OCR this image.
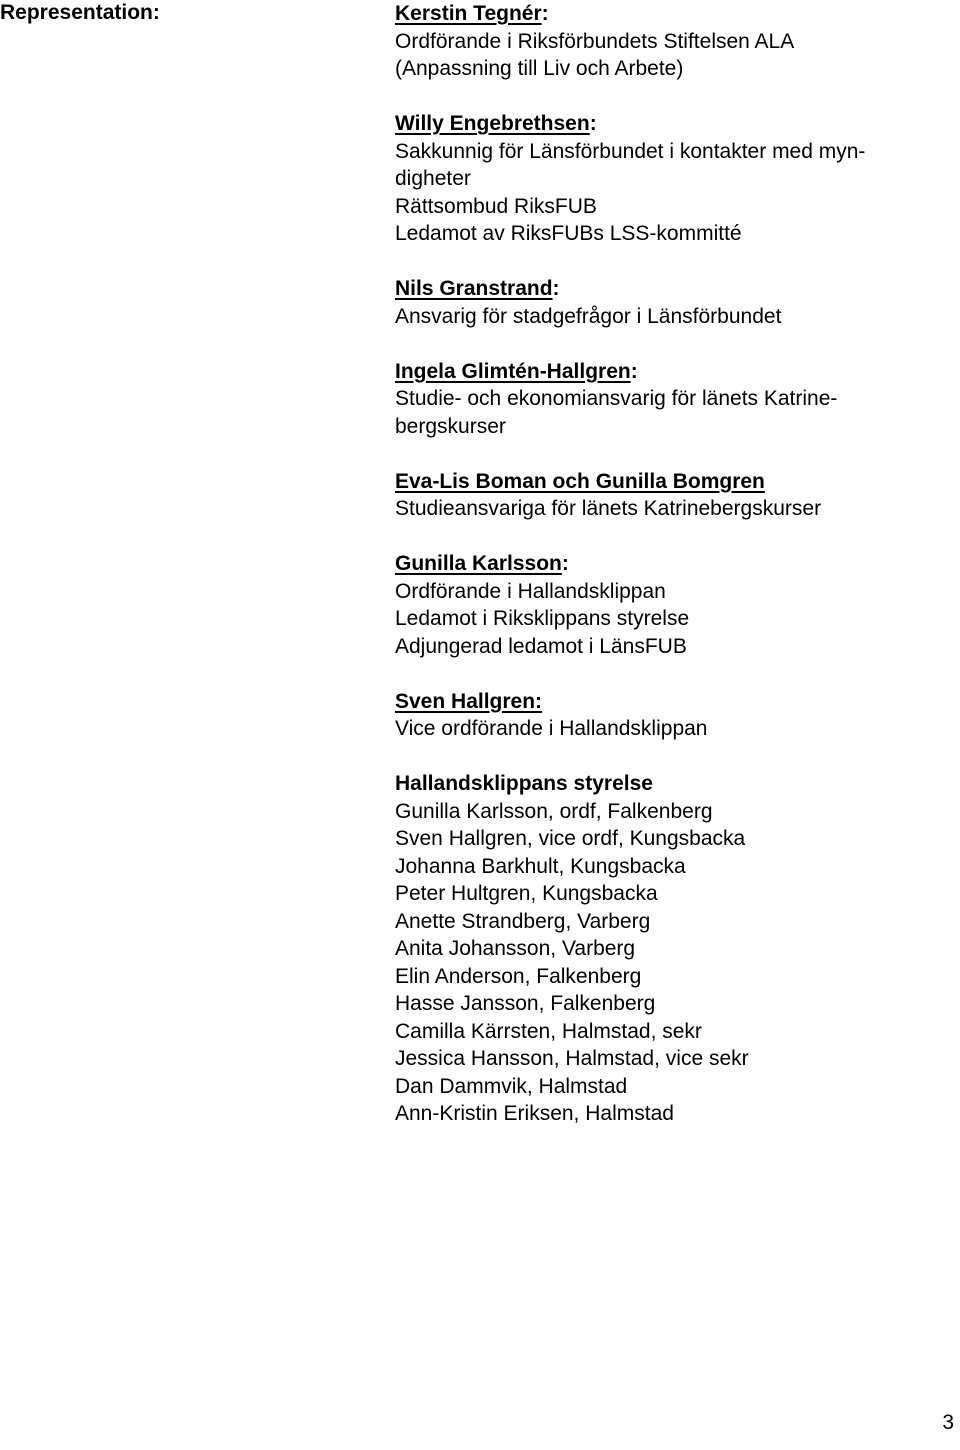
Representation:	Kerstin Tegnér:
Ordförande i Riksförbundets Stiftelsen ALA
(Anpassning till Liv och Arbete)
Willy Engebrethsen:
Sakkunnig för Länsförbundet i kontakter med myn-
digheter
Rättsombud RiksFUB
Ledamot av RiksFUBs LSS-kommitté
Nils Granstrand:
Ansvarig för stadgefrågor i Länsförbundet
Ingela Glimtén-Hallgren:
Studie- och ekonomiansvarig för länets Katrine-
bergskurser
Eva-Lis Boman och Gunilla Bomgren
Studieansvariga för länets Katrinebergskurser
Gunilla Karlsson:
Ordförande i Hallandsklippan
Ledamot i Riksklippans styrelse
Adjungerad ledamot i LänsFUB
Sven Hallgren:
Vice ordförande i Hallandsklippan
Hallandsklippans styrelse
Gunilla Karlsson, ordf, Falkenberg
Sven Hallgren, vice ordf, Kungsbacka
Johanna Barkhult, Kungsbacka
Peter Hultgren, Kungsbacka
Anette Strandberg, Varberg
Anita Johansson, Varberg
Elin Anderson, Falkenberg
Hasse Jansson, Falkenberg
Camilla Kärrsten, Halmstad, sekr
Jessica Hansson, Halmstad, vice sekr
Dan Dammvik, Halmstad
Ann-Kristin Eriksen, Halmstad
3
